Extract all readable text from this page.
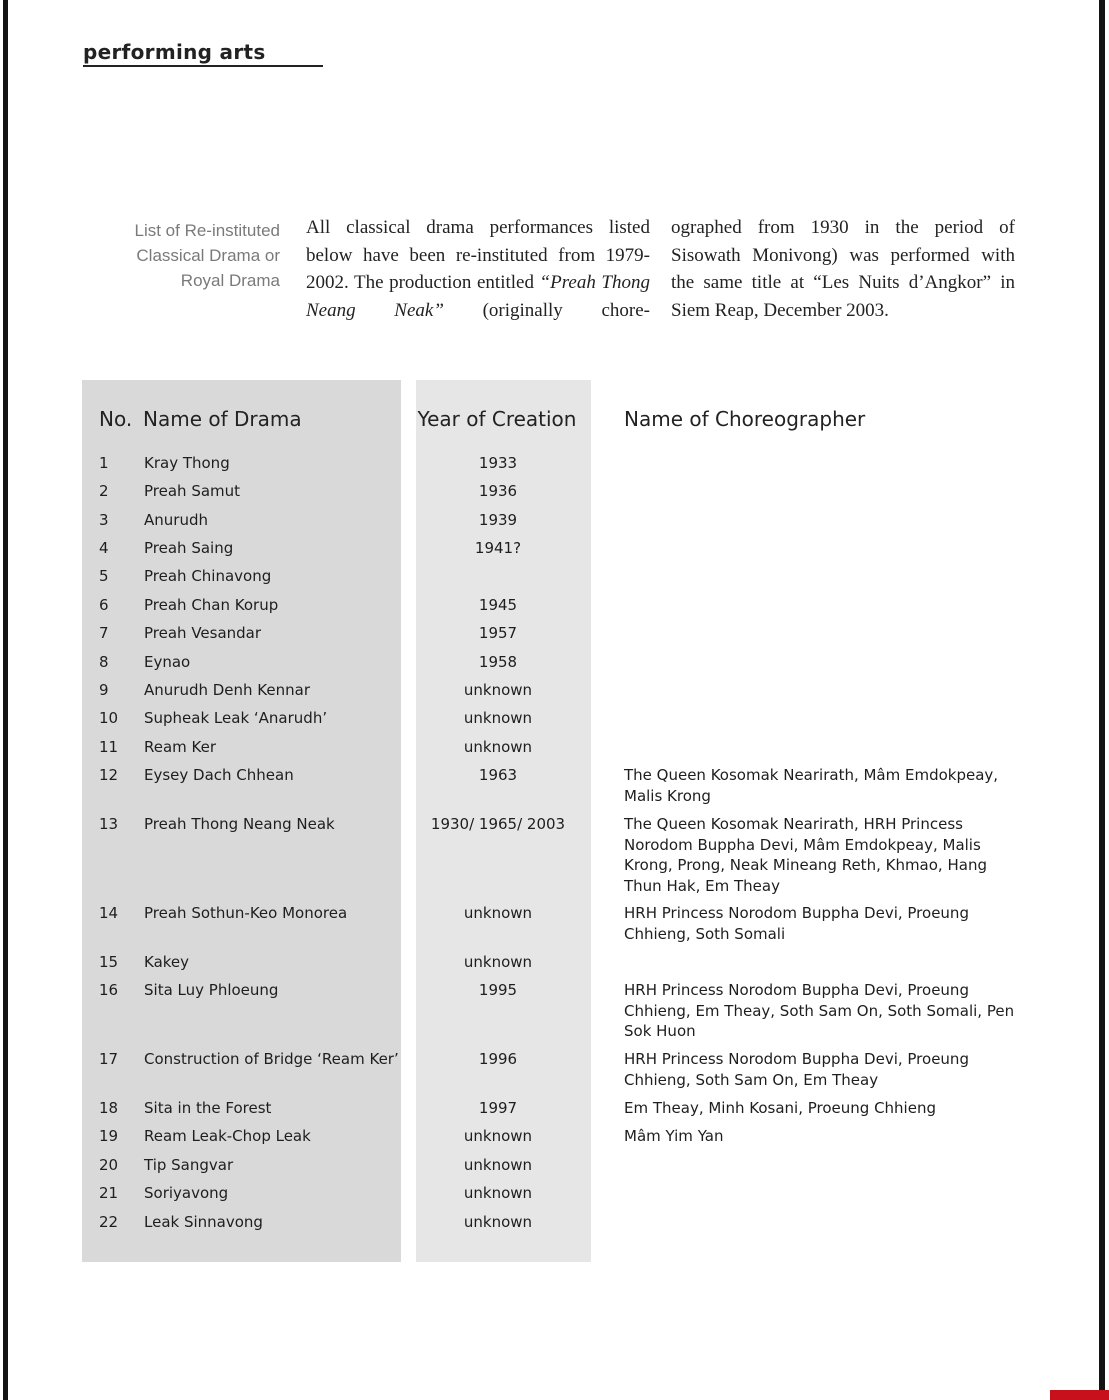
performing arts
List of Re-instituted
Classical Drama or
Royal Drama
All classical drama performances listed below have been re-instituted from 1979-2002. The production entitled “Preah Thong Neang Neak” (originally chore-
ographed from 1930 in the period of Sisowath Monivong) was performed with the same title at “Les Nuits d’Angkor” in Siem Reap, December 2003.
No. Name of Drama	Year of Creation Name of Choreographer
1 Kray Thong	1933
2 Preah Samut	1936
3 Anurudh	1939
4 Preah Saing	1941?
5 Preah Chinavong
6 Preah Chan Korup	1945
7 Preah Vesandar	1957
8 Eynao	1958
9 Anurudh Denh Kennar	unknown
10 Supheak Leak ‘Anarudh’	unknown
11 Ream Ker	unknown
12 Eysey Dach Chhean	1963	The Queen Kosomak Nearirath, Mâm Emdokpeay, Malis Krong
13 Preah Thong Neang Neak	1930/ 1965/ 2003	The Queen Kosomak Nearirath, HRH Princess Norodom Buppha Devi, Mâm Emdokpeay, Malis Krong, Prong, Neak Mineang Reth, Khmao, Hang Thun Hak, Em Theay
14 Preah Sothun-Keo Monorea	unknown	HRH Princess Norodom Buppha Devi, Proeung Chhieng, Soth Somali
15 Kakey	unknown
16 Sita Luy Phloeung	1995	HRH Princess Norodom Buppha Devi, Proeung Chhieng, Em Theay, Soth Sam On, Soth Somali, Pen Sok Huon
17 Construction of Bridge ‘Ream Ker’	1996	HRH Princess Norodom Buppha Devi, Proeung Chhieng, Soth Sam On, Em Theay
18 Sita in the Forest	1997	Em Theay, Minh Kosani, Proeung Chhieng
19 Ream Leak-Chop Leak	unknown	Mâm Yim Yan
20 Tip Sangvar	unknown
21 Soriyavong	unknown
22 Leak Sinnavong	unknown
